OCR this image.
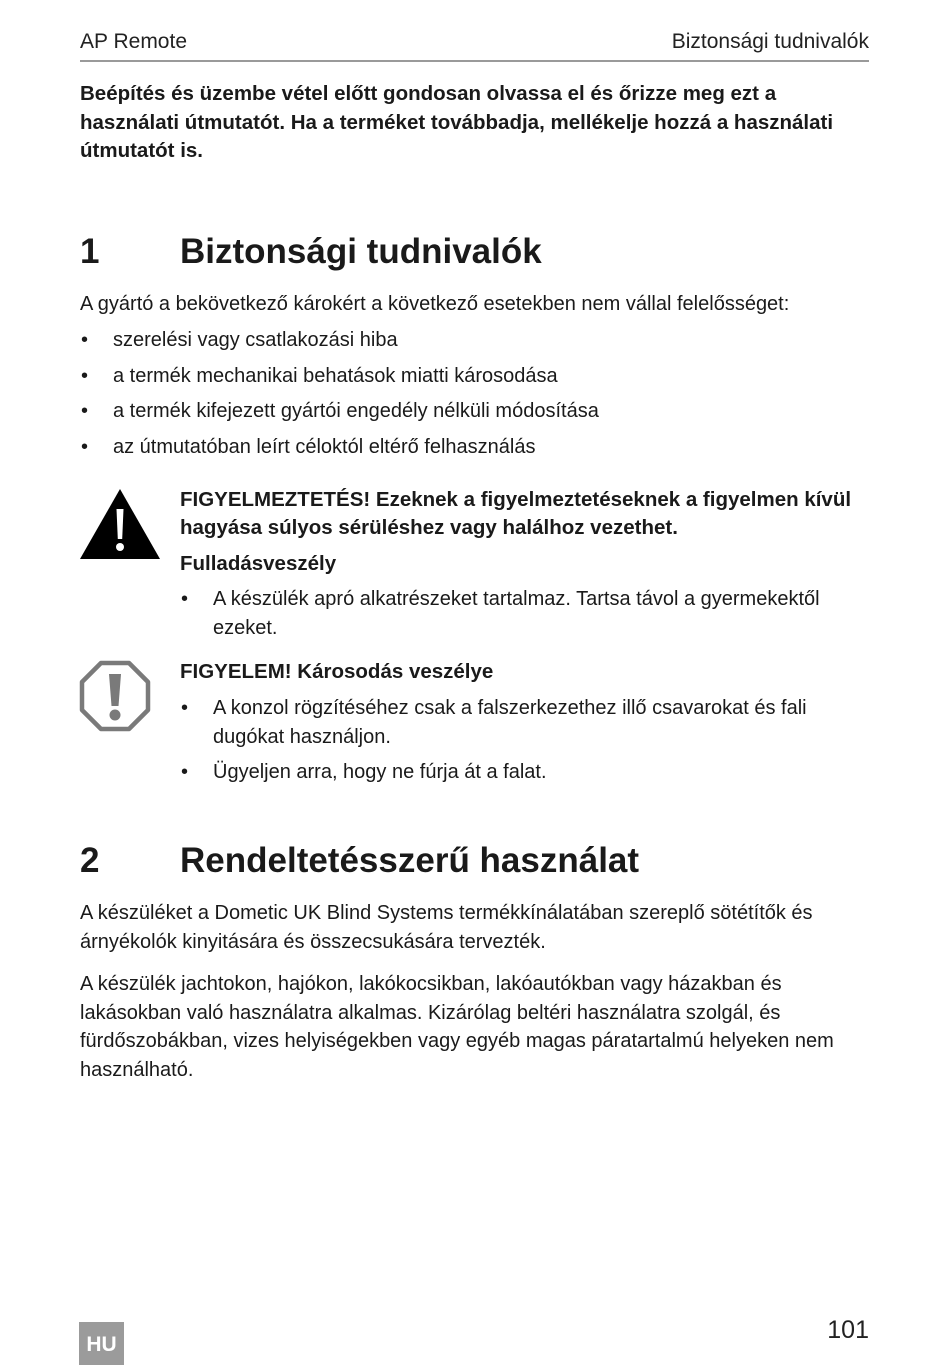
AP Remote	Biztonsági tudnivalók

Beépítés és üzembe vétel előtt gondosan olvassa el és őrizze meg ezt a használati útmutatót. Ha a terméket továbbadja, mellékelje hozzá a használati útmutatót is.

1 Biztonsági tudnivalók

A gyártó a bekövetkező károkért a következő esetekben nem vállal felelősséget:

• szerelési vagy csatlakozási hiba
• a termék mechanikai behatások miatti károsodása
• a termék kifejezett gyártói engedély nélküli módosítása
• az útmutatóban leírt céloktól eltérő felhasználás

FIGYELMEZTETÉS! Ezeknek a figyelmeztetéseknek a figyelmen kívül hagyása súlyos sérüléshez vagy halálhoz vezethet.

Fulladásveszély

• A készülék apró alkatrészeket tartalmaz. Tartsa távol a gyermekektől ezeket.

FIGYELEM! Károsodás veszélye

• A konzol rögzítéséhez csak a falszerkezethez illő csavarokat és fali dugókat használjon.
• Ügyeljen arra, hogy ne fúrja át a falat.
2 Rendeltetésszerű használat

A készüléket a Dometic UK Blind Systems termékkínálatában szereplő sötétítők és árnyékolók kinyitására és összecsukására tervezték.

A készülék jachtokon, hajókon, lakókocsikban, lakóautókban vagy házakban és lakásokban való használatra alkalmas. Kizárólag beltéri használatra szolgál, és fürdőszobákban, vizes helyiségekben vagy egyéb magas páratartalmú helyeken nem használható.

HU
101
